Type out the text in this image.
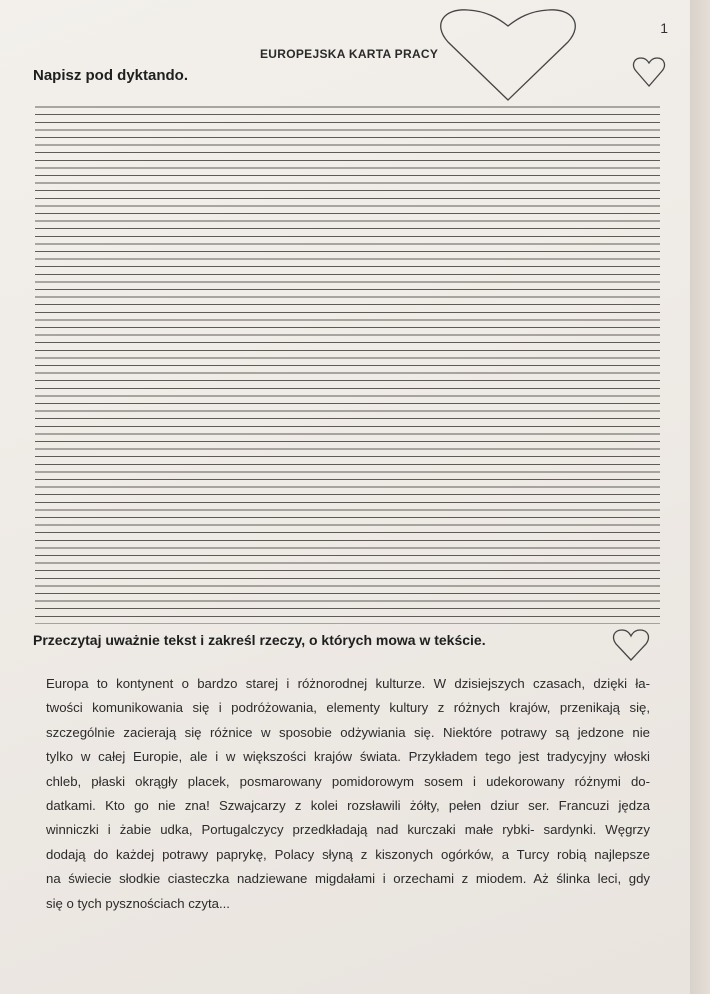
1
EUROPEJSKA KARTA PRACY
Napisz pod dyktando.
Przeczytaj uważnie tekst i zakreśl rzeczy, o których mowa w tekście.
Europa to kontynent o bardzo starej i różnorodnej kulturze. W dzisiejszych czasach, dzięki ła-
twości komunikowania się i podróżowania, elementy kultury z różnych krajów, przenikają się,
szczególnie zacierają się różnice w sposobie odżywiania się. Niektóre potrawy są jedzone nie
tylko w całej Europie, ale i w większości krajów świata. Przykładem tego jest tradycyjny włoski
chleb, płaski okrągły placek, posmarowany pomidorowym sosem i udekorowany różnymi do-
datkami. Kto go nie zna! Szwajcarzy z kolei rozsławili żółty, pełen dziur ser. Francuzi jędza
winniczki i żabie udka, Portugalczycy przedkładają nad kurczaki małe rybki- sardynki. Węgrzy
dodają do każdej potrawy paprykę, Polacy słyną z kiszonych ogórków, a Turcy robią najlepsze
na świecie słodkie ciasteczka nadziewane migdałami i orzechami z miodem. Aż ślinka leci, gdy
się o tych pysznościach czyta...
